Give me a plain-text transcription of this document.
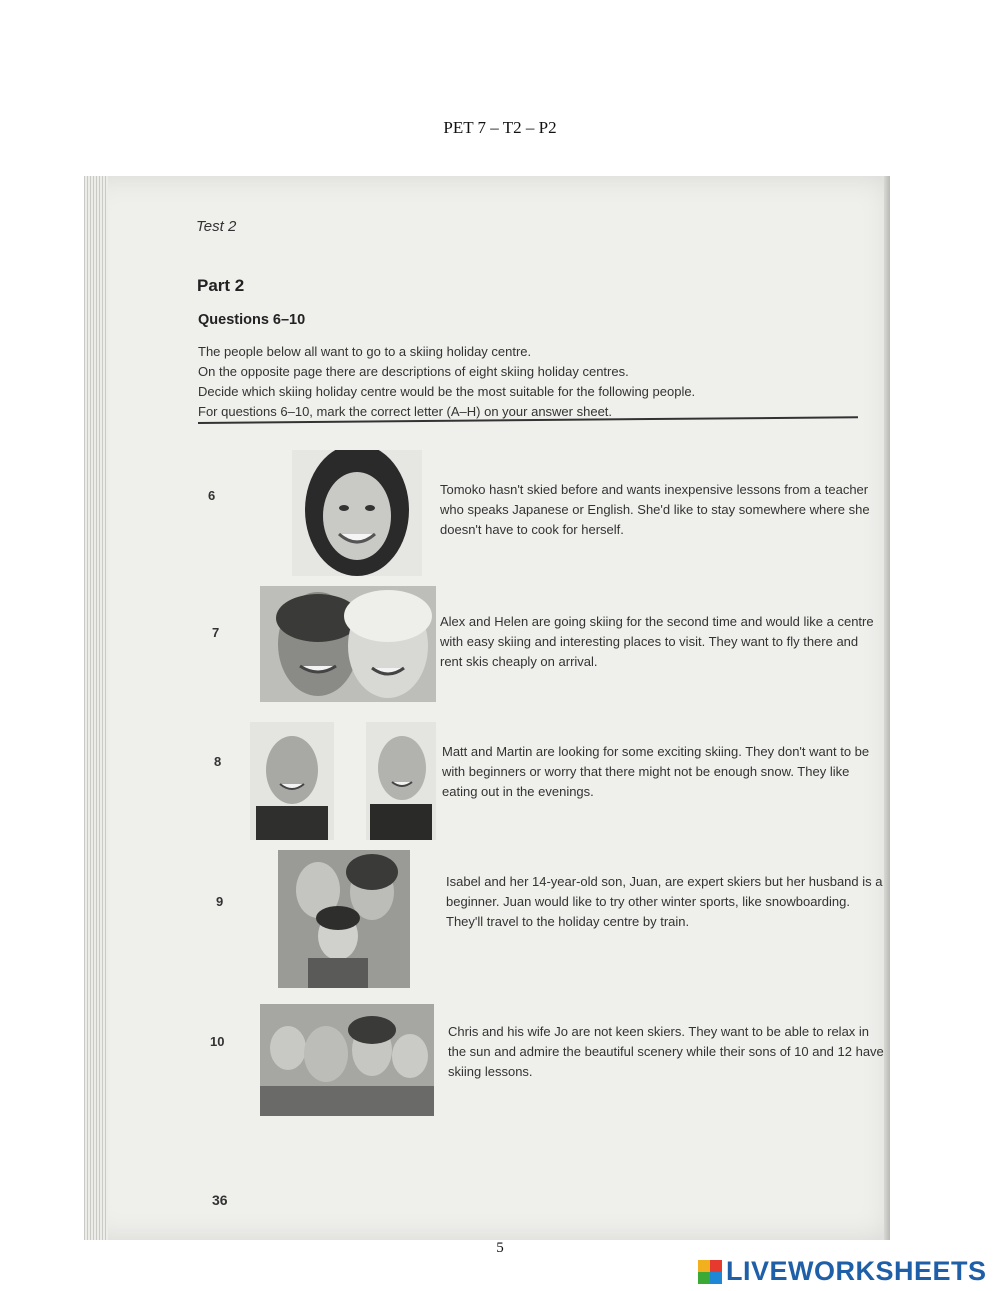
PET 7 – T2 – P2
Test 2
Part 2
Questions 6–10

The people below all want to go to a skiing holiday centre.

On the opposite page there are descriptions of eight skiing holiday centres.

Decide which skiing holiday centre would be the most suitable for the following people.

For questions 6–10, mark the correct letter (A–H) on your answer sheet.

6	Tomoko hasn't skied before and wants inexpensive lessons from a teacher who speaks Japanese or English. She'd like to stay somewhere where she doesn't have to cook for herself.
7
Alex and Helen are going skiing for the second time and would like a centre with easy skiing and interesting places to visit. They want to fly there and rent skis cheaply on arrival.
8
Matt and Martin are looking for some exciting skiing. They don't want to be with beginners or worry that there might not be enough snow. They like eating out in the evenings.
9
Isabel and her 14-year-old son, Juan, are expert skiers but her husband is a beginner. Juan would like to try other winter sports, like snowboarding. They'll travel to the holiday centre by train.
10
Chris and his wife Jo are not keen skiers. They want to be able to relax in the sun and admire the beautiful scenery while their sons of 10 and 12 have skiing lessons.
36
5
LIVEWORKSHEETS
